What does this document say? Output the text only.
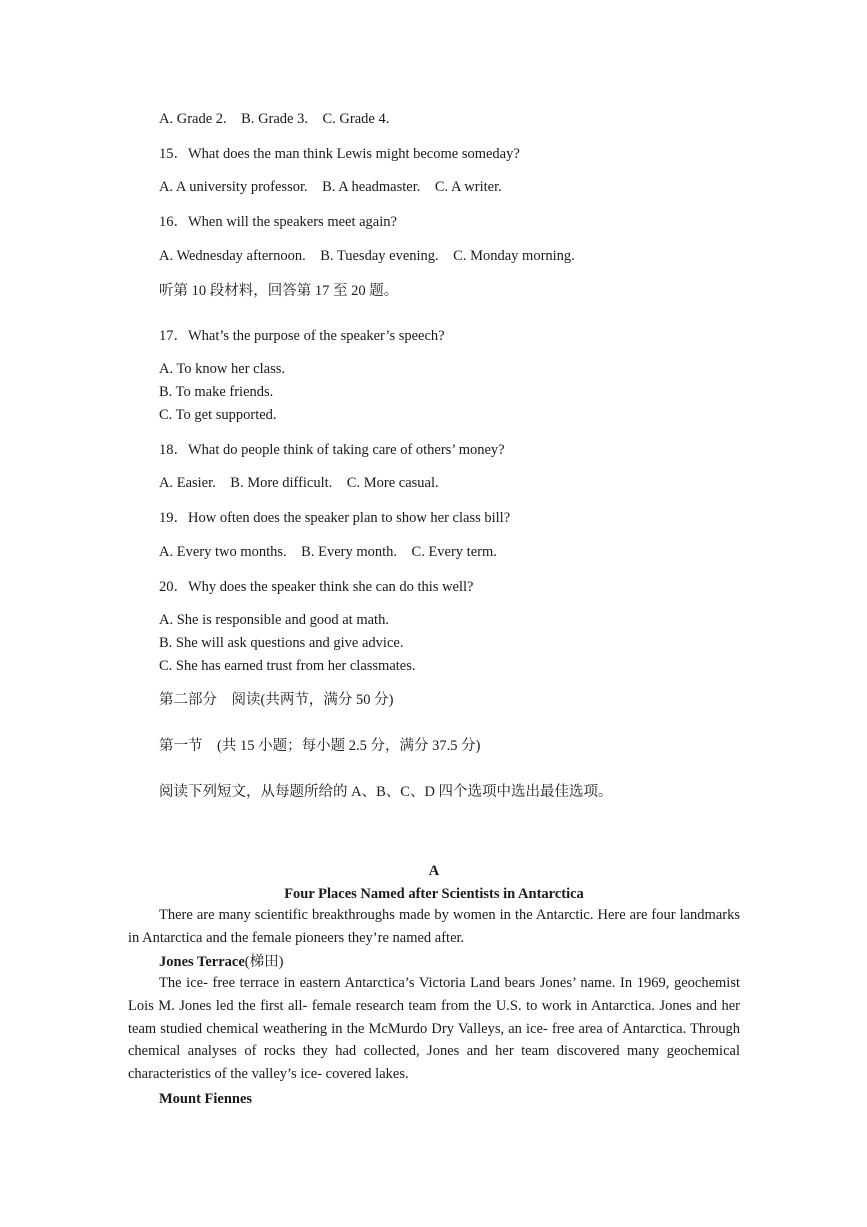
A. Grade 2.    B. Grade 3.    C. Grade 4.
15．What does the man think Lewis might become someday?
A. A university professor.    B. A headmaster.    C. A writer.
16．When will the speakers meet again?
A. Wednesday afternoon.    B. Tuesday evening.    C. Monday morning.
听第 10 段材料，回答第 17 至 20 题。
17．What’s the purpose of the speaker’s speech?
A. To know her class.
B. To make friends.
C. To get supported.
18．What do people think of taking care of others’ money?
A. Easier.    B. More difficult.    C. More casual.
19．How often does the speaker plan to show her class bill?
A. Every two months.    B. Every month.    C. Every term.
20．Why does the speaker think she can do this well?
A. She is responsible and good at math.
B. She will ask questions and give advice.
C. She has earned trust from her classmates.
第二部分    阅读(共两节，满分 50 分)
第一节    (共 15 小题；每小题 2.5 分，满分 37.5 分)
阅读下列短文，从每题所给的 A、B、C、D 四个选项中选出最佳选项。
A
Four Places Named after Scientists in Antarctica
There are many scientific breakthroughs made by women in the Antarctic. Here are four landmarks in Antarctica and the female pioneers they’re named after.
Jones Terrace(梯田)
The ice- free terrace in eastern Antarctica’s Victoria Land bears Jones’ name. In 1969, geochemist Lois M. Jones led the first all- female research team from the U.S. to work in Antarctica. Jones and her team studied chemical weathering in the McMurdo Dry Valleys, an ice- free area of Antarctica. Through chemical analyses of rocks they had collected, Jones and her team discovered many geochemical characteristics of the valley’s ice- covered lakes.
Mount Fiennes
